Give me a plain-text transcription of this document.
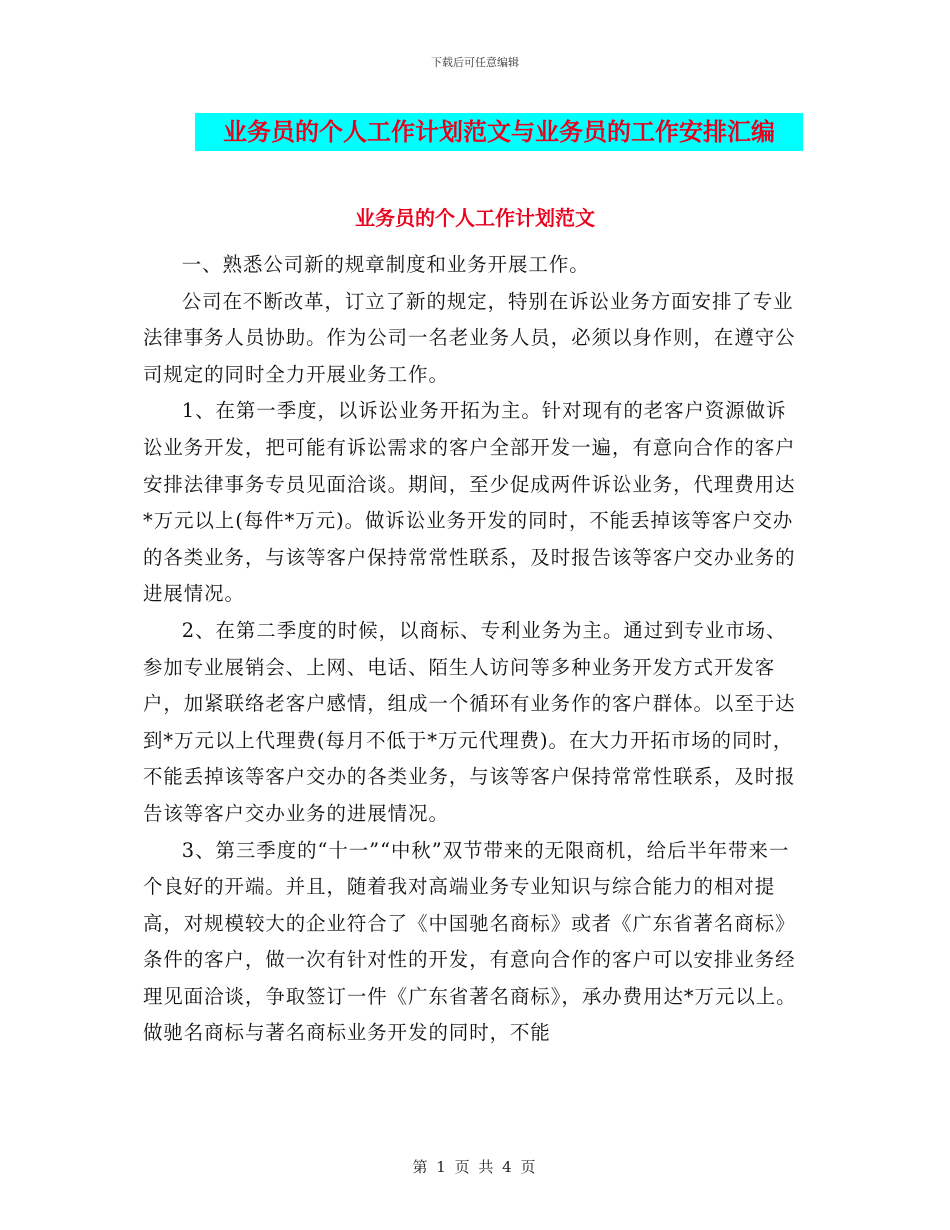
下载后可任意编辑
业务员的个人工作计划范文与业务员的工作安排汇编
业务员的个人工作计划范文

一、熟悉公司新的规章制度和业务开展工作。

公司在不断改革，订立了新的规定，特别在诉讼业务方面安排了专业法律事务人员协助。作为公司一名老业务人员，必须以身作则，在遵守公司规定的同时全力开展业务工作。

1、在第一季度，以诉讼业务开拓为主。针对现有的老客户资源做诉讼业务开发，把可能有诉讼需求的客户全部开发一遍，有意向合作的客户安排法律事务专员见面洽谈。期间，至少促成两件诉讼业务，代理费用达*万元以上(每件*万元)。做诉讼业务开发的同时，不能丢掉该等客户交办的各类业务，与该等客户保持常常性联系，及时报告该等客户交办业务的进展情况。

2、在第二季度的时候，以商标、专利业务为主。通过到专业市场、参加专业展销会、上网、电话、陌生人访问等多种业务开发方式开发客户，加紧联络老客户感情，组成一个循环有业务作的客户群体。以至于达到*万元以上代理费(每月不低于*万元代理费)。在大力开拓市场的同时，不能丢掉该等客户交办的各类业务，与该等客户保持常常性联系，及时报告该等客户交办业务的进展情况。

3、第三季度的“十一”“中秋”双节带来的无限商机，给后半年带来一个良好的开端。并且，随着我对高端业务专业知识与综合能力的相对提高，对规模较大的企业符合了《中国驰名商标》或者《广东省著名商标》条件的客户，做一次有针对性的开发，有意向合作的客户可以安排业务经理见面洽谈，争取签订一件《广东省著名商标》，承办费用达*万元以上。做驰名商标与著名商标业务开发的同时，不能

第 1 页 共 4 页
